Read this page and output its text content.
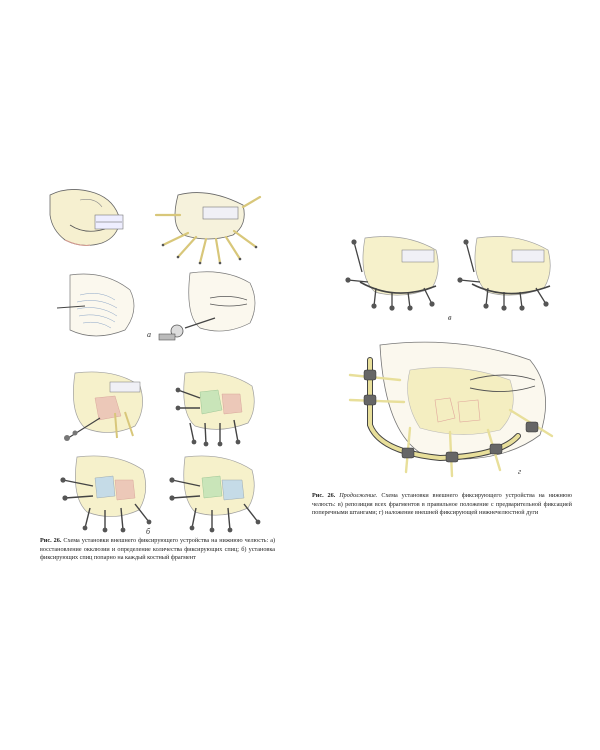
а
б

Рис. 26. Схема установки внешнего фиксирующего устройства на нижнюю челюсть: а) восстановление окклюзии и определение количества фиксирующих спиц; б) установка фиксирующих спиц попарно на каждый костный фрагмент

в
г

Рис. 26. Продолжение. Схема установки внешнего фиксирующего устройства на нижнюю челюсть: в) репозиция всех фрагментов в правильное положение с предварительной фиксацией поперечными штангами; г) наложение внешней фиксирующей нижнечелюстной дуги
